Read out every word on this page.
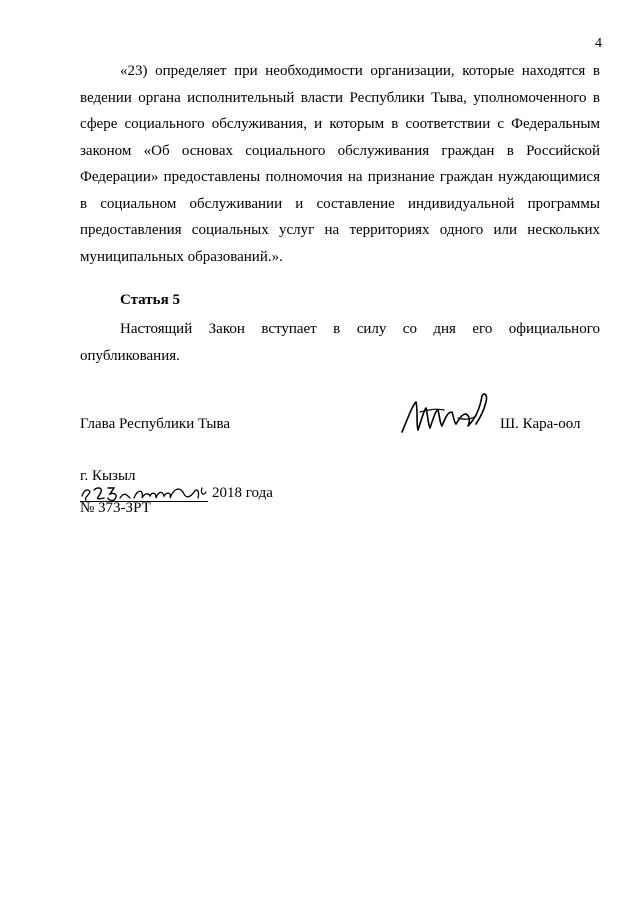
4

«23) определяет при необходимости организации, которые находятся в ведении органа исполнительный власти Республики Тыва, уполномоченного в сфере социального обслуживания, и которым в соответствии с Федеральным законом «Об основах социального обслуживания граждан в Российской Федерации» предоставлены полномочия на признание граждан нуждающимися в социальном обслуживании и составление индивидуальной программы предоставления социальных услуг на территориях одного или нескольких муниципальных образований.».

Статья 5

Настоящий Закон вступает в силу со дня его официального опубликования.

Глава Республики Тыва	Ш. Кара-оол
г. Кызыл
2018 года
№ 373-ЗРТ
